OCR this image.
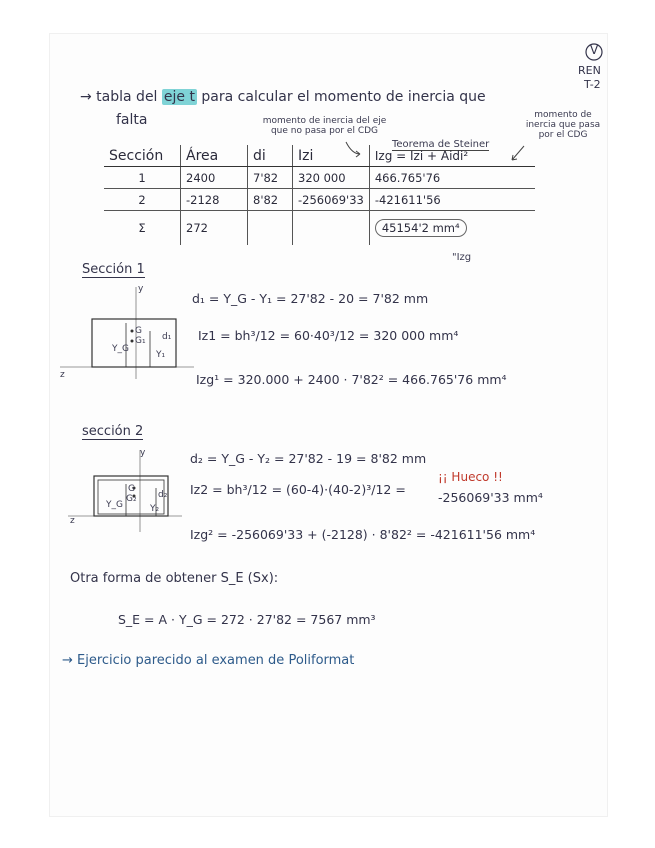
V
REN
T-2
→ tabla del eje t para calcular el momento de inercia que
falta	momento de inercia del eje que no pasa por el CDG
Teorema de Steiner
momento de inercia que pasa por el CDG
Sección	Área	di	Izi	Izg = Izi + Aidi²
1	2400	7'82	320 000	466.765'76
2	-2128	8'82	-256069'33	-421611'56
Σ	272			45154'2 mm⁴
"Izg
Sección 1
d₁ = Y_G - Y₁ = 27'82 - 20 = 7'82 mm
Iz1 = bh³/12 = 60·40³/12 = 320 000 mm⁴
Izg¹ = 320.000 + 2400 · 7'82² = 466.765'76 mm⁴
y
z
G
G₁ d₁
Y_G
Y₁
sección 2
d₂ = Y_G - Y₂ = 27'82 - 19 = 8'82 mm
Iz2 = bh³/12 = (60-4)·(40-2)³/12 =
¡¡ Hueco !!
-256069'33 mm⁴
Izg² = -256069'33 + (-2128) · 8'82² = -421611'56 mm⁴
y
z
G
G₂ d₂
Y_G	Y₂
Otra forma de obtener S_E (Sx):
S_E = A · Y_G = 272 · 27'82 = 7567 mm³
→ Ejercicio parecido al examen de Poliformat
